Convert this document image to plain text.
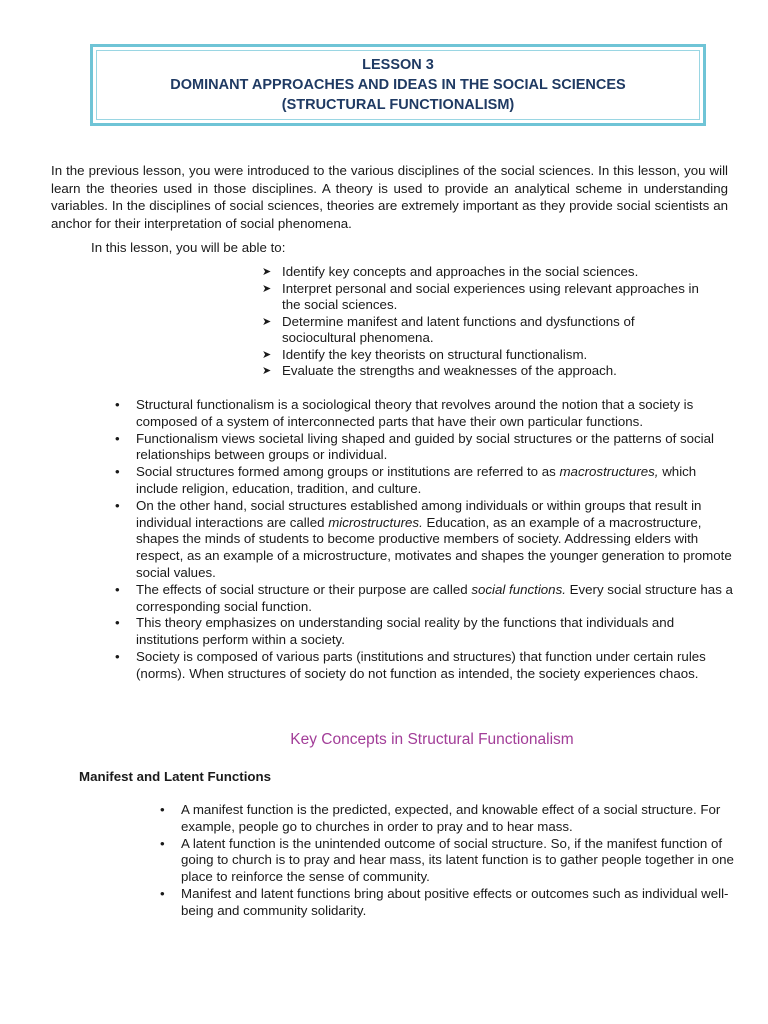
LESSON 3
DOMINANT APPROACHES AND IDEAS IN THE SOCIAL SCIENCES
(STRUCTURAL FUNCTIONALISM)

In the previous lesson, you were introduced to the various disciplines of the social sciences. In this lesson, you will learn the theories used in those disciplines. A theory is used to provide an analytical scheme in understanding variables. In the disciplines of social sciences, theories are extremely important as they provide social scientists an anchor for their interpretation of social phenomena.

In this lesson, you will be able to:

➤ Identify key concepts and approaches in the social sciences.
➤ Interpret personal and social experiences using relevant approaches in the social sciences.
➤ Determine manifest and latent functions and dysfunctions of sociocultural phenomena.
➤ Identify the key theorists on structural functionalism.
➤ Evaluate the strengths and weaknesses of the approach.
• Structural functionalism is a sociological theory that revolves around the notion that a society is composed of a system of interconnected parts that have their own particular functions.
• Functionalism views societal living shaped and guided by social structures or the patterns of social relationships between groups or individual.
• Social structures formed among groups or institutions are referred to as macrostructures, which include religion, education, tradition, and culture.
• On the other hand, social structures established among individuals or within groups that result in individual interactions are called microstructures. Education, as an example of a macrostructure, shapes the minds of students to become productive members of society. Addressing elders with respect, as an example of a microstructure, motivates and shapes the younger generation to promote social values.
• The effects of social structure or their purpose are called social functions. Every social structure has a corresponding social function.
• This theory emphasizes on understanding social reality by the functions that individuals and institutions perform within a society.
• Society is composed of various parts (institutions and structures) that function under certain rules (norms). When structures of society do not function as intended, the society experiences chaos.

Key Concepts in Structural Functionalism

Manifest and Latent Functions

• A manifest function is the predicted, expected, and knowable effect of a social structure. For example, people go to churches in order to pray and to hear mass.
• A latent function is the unintended outcome of social structure. So, if the manifest function of going to church is to pray and hear mass, its latent function is to gather people together in one place to reinforce the sense of community.
• Manifest and latent functions bring about positive effects or outcomes such as individual well-being and community solidarity.
